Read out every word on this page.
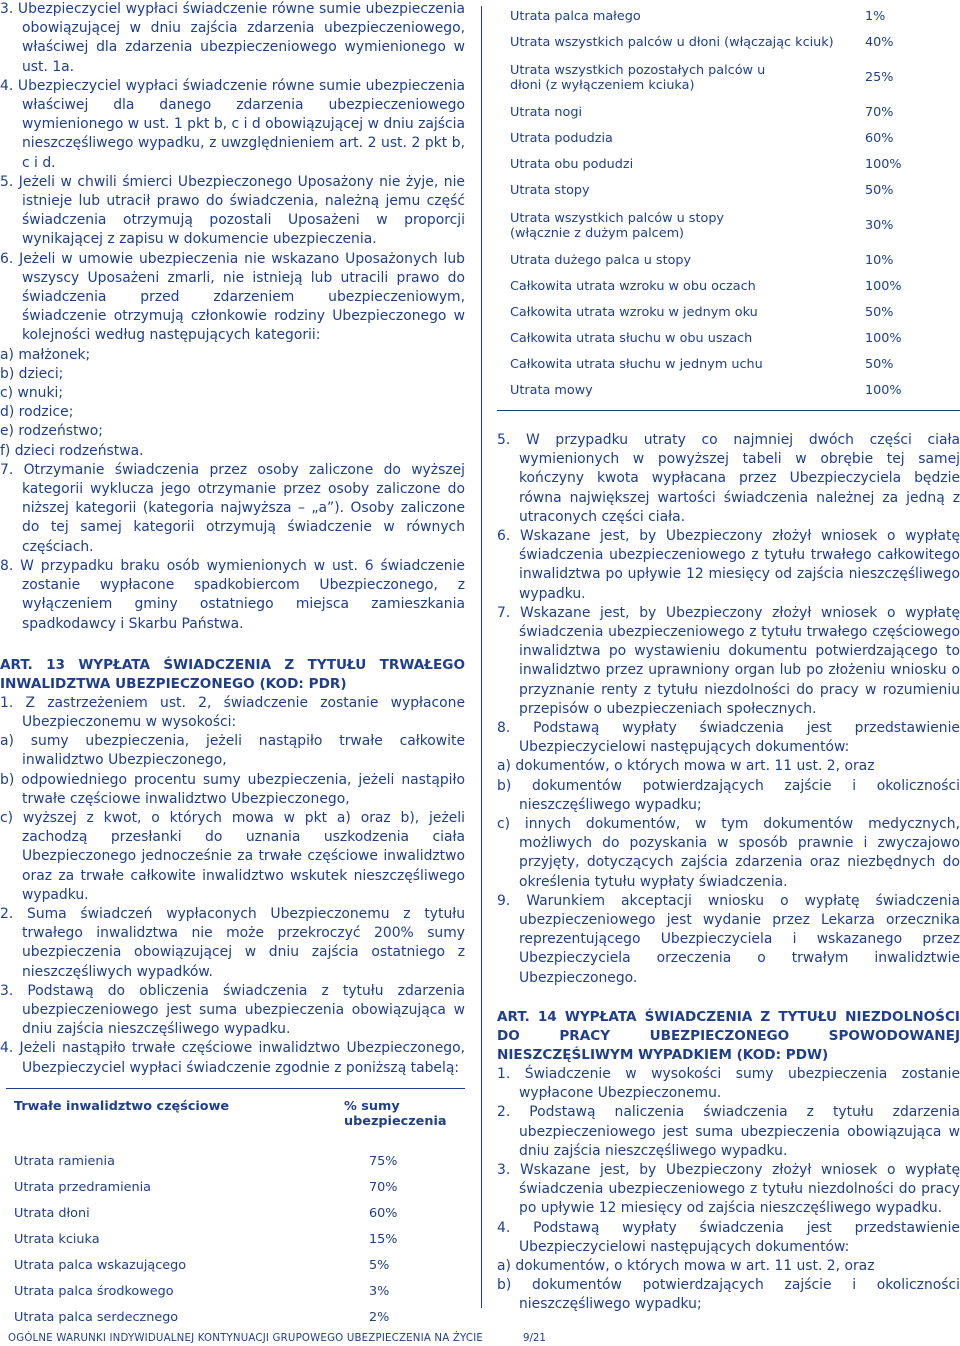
3. Ubezpieczyciel wypłaci świadczenie równe sumie ubezpieczenia obowiązującej w dniu zajścia zdarzenia ubezpieczeniowego, właściwej dla zdarzenia ubezpieczeniowego wymienionego w ust. 1a.

4. Ubezpieczyciel wypłaci świadczenie równe sumie ubezpieczenia właściwej dla danego zdarzenia ubezpieczeniowego wymienionego w ust. 1 pkt b, c i d obowiązującej w dniu zajścia nieszczęśliwego wypadku, z uwzględnieniem art. 2 ust. 2 pkt b, c i d.

5. Jeżeli w chwili śmierci Ubezpieczonego Uposażony nie żyje, nie istnieje lub utracił prawo do świadczenia, należną jemu część świadczenia otrzymują pozostali Uposażeni w proporcji wynikającej z zapisu w dokumencie ubezpieczenia.

6. Jeżeli w umowie ubezpieczenia nie wskazano Uposażonych lub wszyscy Uposażeni zmarli, nie istnieją lub utracili prawo do świadczenia przed zdarzeniem ubezpieczeniowym, świadczenie otrzymują członkowie rodziny Ubezpieczonego w kolejności według następujących kategorii:

a) małżonek;

b) dzieci;

c) wnuki;

d) rodzice;

e) rodzeństwo;

f) dzieci rodzeństwa.

7. Otrzymanie świadczenia przez osoby zaliczone do wyższej kategorii wyklucza jego otrzymanie przez osoby zaliczone do niższej kategorii (kategoria najwyższa – „a”). Osoby zaliczone do tej samej kategorii otrzymują świadczenie w równych częściach.

8. W przypadku braku osób wymienionych w ust. 6 świadczenie zostanie wypłacone spadkobiercom Ubezpieczonego, z wyłączeniem gminy ostatniego miejsca zamieszkania spadkodawcy i Skarbu Państwa.

ART. 13 WYPŁATA ŚWIADCZENIA Z TYTUŁU TRWAŁEGO INWALIDZTWA UBEZPIECZONEGO (KOD: PDR)

1. Z zastrzeżeniem ust. 2, świadczenie zostanie wypłacone Ubezpieczonemu w wysokości:

a) sumy ubezpieczenia, jeżeli nastąpiło trwałe całkowite inwalidztwo Ubezpieczonego,

b) odpowiedniego procentu sumy ubezpieczenia, jeżeli nastąpiło trwałe częściowe inwalidztwo Ubezpieczonego,

c) wyższej z kwot, o których mowa w pkt a) oraz b), jeżeli zachodzą przesłanki do uznania uszkodzenia ciała Ubezpieczonego jednocześnie za trwałe częściowe inwalidztwo oraz za trwałe całkowite inwalidztwo wskutek nieszczęśliwego wypadku.

2. Suma świadczeń wypłaconych Ubezpieczonemu z tytułu trwałego inwalidztwa nie może przekroczyć 200% sumy ubezpieczenia obowiązującej w dniu zajścia ostatniego z nieszczęśliwych wypadków.

3. Podstawą do obliczenia świadczenia z tytułu zdarzenia ubezpieczeniowego jest suma ubezpieczenia obowiązująca w dniu zajścia nieszczęśliwego wypadku.

4. Jeżeli nastąpiło trwałe częściowe inwalidztwo Ubezpieczonego, Ubezpieczyciel wypłaci świadczenie zgodnie z poniższą tabelą:

Trwałe inwalidztwo częściowe	% sumy ubezpieczenia
Utrata ramienia	75%
Utrata przedramienia	70%
Utrata dłoni	60%
Utrata kciuka	15%
Utrata palca wskazującego	5%
Utrata palca środkowego	3%
Utrata palca serdecznego	2%
Utrata palca małego	1%
Utrata wszystkich palców u dłoni (włączając kciuk)	40%
Utrata wszystkich pozostałych palców u dłoni (z wyłączeniem kciuka)	25%
Utrata nogi	70%
Utrata podudzia	60%
Utrata obu podudzi	100%
Utrata stopy	50%
Utrata wszystkich palców u stopy (włącznie z dużym palcem)	30%
Utrata dużego palca u stopy	10%
Całkowita utrata wzroku w obu oczach	100%
Całkowita utrata wzroku w jednym oku	50%
Całkowita utrata słuchu w obu uszach	100%
Całkowita utrata słuchu w jednym uchu	50%
Utrata mowy	100%

5. W przypadku utraty co najmniej dwóch części ciała wymienionych w powyższej tabeli w obrębie tej samej kończyny kwota wypłacana przez Ubezpieczyciela będzie równa największej wartości świadczenia należnej za jedną z utraconych części ciała.

6. Wskazane jest, by Ubezpieczony złożył wniosek o wypłatę świadczenia ubezpieczeniowego z tytułu trwałego całkowitego inwalidztwa po upływie 12 miesięcy od zajścia nieszczęśliwego wypadku.

7. Wskazane jest, by Ubezpieczony złożył wniosek o wypłatę świadczenia ubezpieczeniowego z tytułu trwałego częściowego inwalidztwa po wystawieniu dokumentu potwierdzającego to inwalidztwo przez uprawniony organ lub po złożeniu wniosku o przyznanie renty z tytułu niezdolności do pracy w rozumieniu przepisów o ubezpieczeniach społecznych.

8. Podstawą wypłaty świadczenia jest przedstawienie Ubezpieczycielowi następujących dokumentów:

a) dokumentów, o których mowa w art. 11 ust. 2, oraz

b) dokumentów potwierdzających zajście i okoliczności nieszczęśliwego wypadku;

c) innych dokumentów, w tym dokumentów medycznych, możliwych do pozyskania w sposób prawnie i zwyczajowo przyjęty, dotyczących zajścia zdarzenia oraz niezbędnych do określenia tytułu wypłaty świadczenia.

9. Warunkiem akceptacji wniosku o wypłatę świadczenia ubezpieczeniowego jest wydanie przez Lekarza orzecznika reprezentującego Ubezpieczyciela i wskazanego przez Ubezpieczyciela orzeczenia o trwałym inwalidztwie Ubezpieczonego.

ART. 14 WYPŁATA ŚWIADCZENIA Z TYTUŁU NIEZDOLNOŚCI DO PRACY UBEZPIECZONEGO SPOWODOWANEJ NIESZCZĘŚLIWYM WYPADKIEM (KOD: PDW)

1. Świadczenie w wysokości sumy ubezpieczenia zostanie wypłacone Ubezpieczonemu.

2. Podstawą naliczenia świadczenia z tytułu zdarzenia ubezpieczeniowego jest suma ubezpieczenia obowiązująca w dniu zajścia nieszczęśliwego wypadku.

3. Wskazane jest, by Ubezpieczony złożył wniosek o wypłatę świadczenia ubezpieczeniowego z tytułu niezdolności do pracy po upływie 12 miesięcy od zajścia nieszczęśliwego wypadku.

4. Podstawą wypłaty świadczenia jest przedstawienie Ubezpieczycielowi następujących dokumentów:

a) dokumentów, o których mowa w art. 11 ust. 2, oraz

b) dokumentów potwierdzających zajście i okoliczności nieszczęśliwego wypadku;

OGÓLNE WARUNKI INDYWIDUALNEJ KONTYNUACJI GRUPOWEGO UBEZPIECZENIA NA ŻYCIE	9/21
